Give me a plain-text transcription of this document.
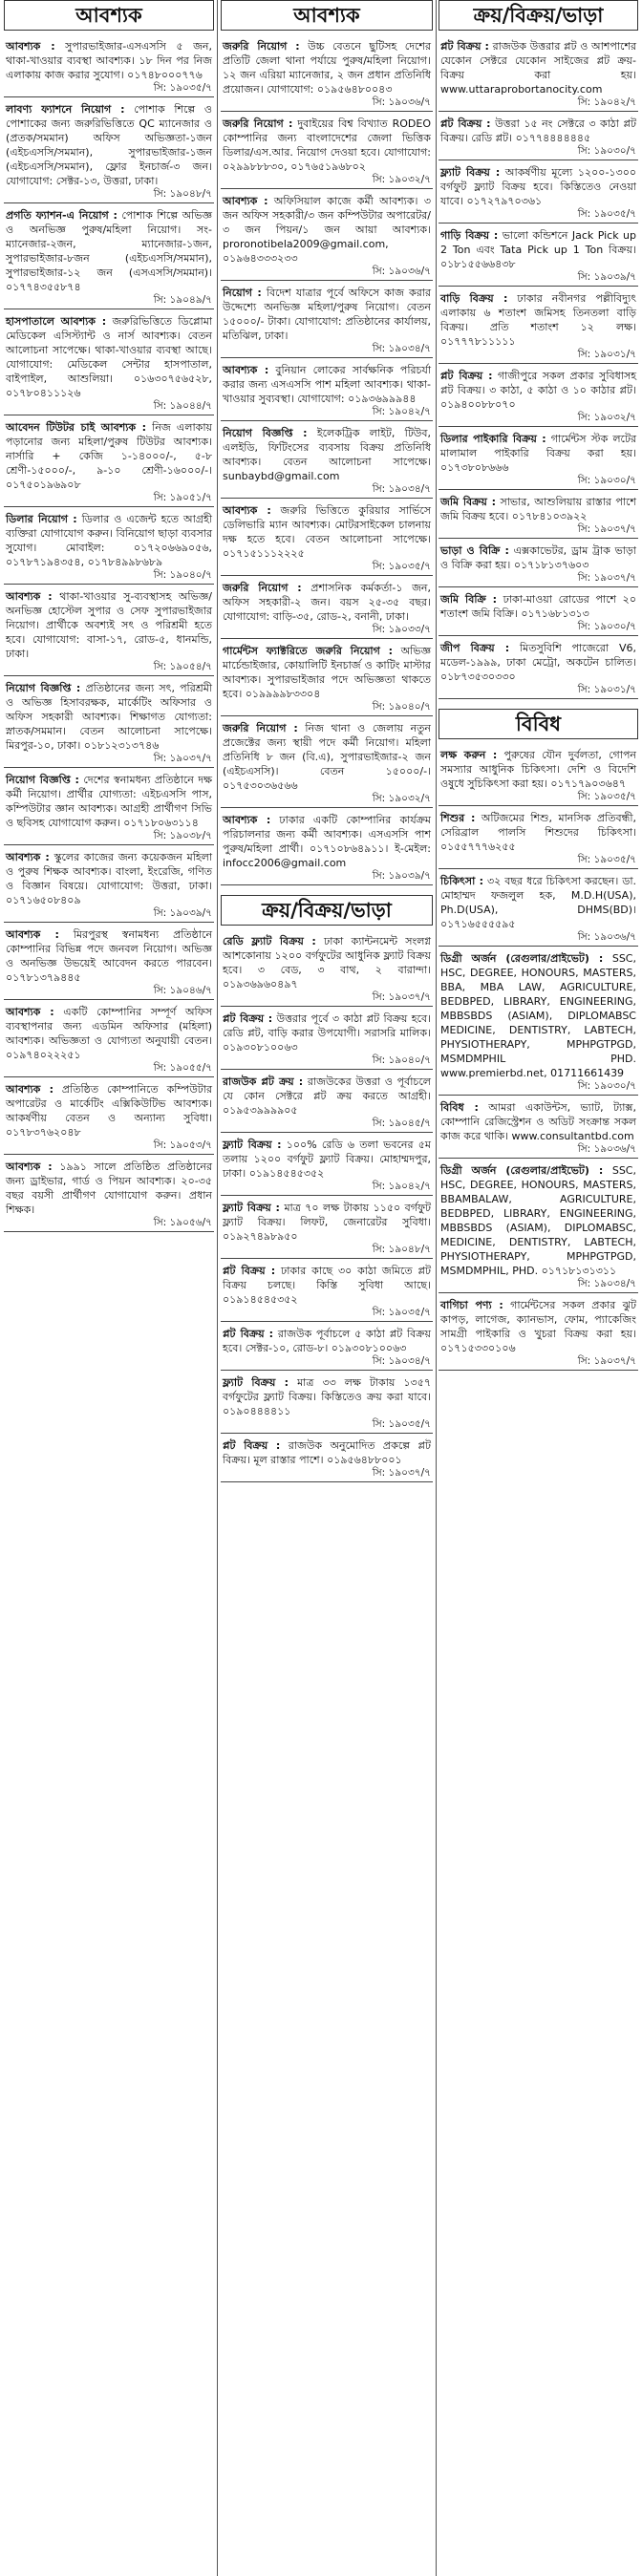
আবশ্যক
আবশ্যক : সুপারভাইজার-এসএসসি ৫ জন, থাকা-খাওয়ার ব্যবস্থা আবশ্যক। ১৮ দিন পর নিজ এলাকায় কাজ করার সুযোগ। ০১৭৪৮০০০৭৭৬
সি: ১৯০৩৫/৭
লাবণ্য ফ্যাশনে নিয়োগ : পোশাক শিল্পে ও পোশাকের জন্য জরুরিভিত্তিতে QC ম্যানেজার ও (প্রতক/সমমান) অফিস অভিজ্ঞতা-১জন (এইচএসসি/সমমান), সুপারভাইজার-১জন (এইচএসসি/সমমান), ফ্লোর ইনচার্জ-৩ জন। যোগাযোগ: সেক্টর-১৩, উত্তরা, ঢাকা।
সি: ১৯০৪৮/৭
প্রগতি ফ্যাশন-এ নিয়োগ : পোশাক শিল্পে অভিজ্ঞ ও অনভিজ্ঞ পুরুষ/মহিলা নিয়োগ। সং-ম্যানেজার-২জন, ম্যানেজার-১জন, সুপারভাইজার-৮জন (এইচএসসি/সমমান), সুপারভাইজার-১২ জন (এসএসসি/সমমান)। ০১৭৭৪৩৫৫৮৭৪
সি: ১৯০৪৯/৭
হাসপাতালে আবশ্যক : জরুরিভিত্তিতে ডিপ্লোমা মেডিকেল এসিস্ট্যান্ট ও নার্স আবশ্যক। বেতন আলোচনা সাপেক্ষে। থাকা-খাওয়ার ব্যবস্থা আছে। যোগাযোগ: মেডিকেল সেন্টার হাসপাতাল, বাইপাইল, আশুলিয়া। ০১৬৩০৭৫৬৫২৮, ০১৭৮০৪১১১২৬
সি: ১৯০৪৪/৭
আবেদন টিউটর চাই আবশ্যক : নিজ এলাকায় পড়ানোর জন্য মহিলা/পুরুষ টিউটর আবশ্যক। নার্সারি + কেজি ১-১৪০০০/-, ৫-৮ শ্রেণী-১৫০০০/-, ৯-১০ শ্রেণী-১৬০০০/-। ০১৭৫০১৯৬৯০৮
সি: ১৯০৫১/৭
ডিলার নিয়োগ : ডিলার ও এজেন্ট হতে আগ্রহী ব্যক্তিরা যোগাযোগ করুন। বিনিয়োগ ছাড়া ব্যবসার সুযোগ। মোবাইল: ০১৭২০৬৬৯০৫৬, ০১৭৮৭১৯৪৩৫৪, ০১৭৮৪৯৯৮৬৮৯
সি: ১৯০৪০/৭
আবশ্যক : থাকা-খাওয়ার সু-ব্যবস্থাসহ অভিজ্ঞ/অনভিজ্ঞ হোস্টেল সুপার ও সেফ সুপারভাইজার নিয়োগ। প্রার্থীকে অবশ্যই সৎ ও পরিশ্রমী হতে হবে। যোগাযোগ: বাসা-১৭, রোড-৫, ধানমন্ডি, ঢাকা।
সি: ১৯০৫৪/৭
নিয়োগ বিজ্ঞপ্তি : প্রতিষ্ঠানের জন্য সৎ, পরিশ্রমী ও অভিজ্ঞ হিসাবরক্ষক, মার্কেটিং অফিসার ও অফিস সহকারী আবশ্যক। শিক্ষাগত যোগ্যতা: স্নাতক/সমমান। বেতন আলোচনা সাপেক্ষে। মিরপুর-১০, ঢাকা। ০১৮১২৩১৩৭৪৬
সি: ১৯০৩৭/৭
নিয়োগ বিজ্ঞপ্তি : দেশের স্বনামধন্য প্রতিষ্ঠানে দক্ষ কর্মী নিয়োগ। প্রার্থীর যোগ্যতা: এইচএসসি পাস, কম্পিউটার জ্ঞান আবশ্যক। আগ্রহী প্রার্থীগণ সিভি ও ছবিসহ যোগাযোগ করুন। ০১৭১৮০৬৩১১৪
সি: ১৯০৩৮/৭
আবশ্যক : স্কুলের কাজের জন্য কয়েকজন মহিলা ও পুরুষ শিক্ষক আবশ্যক। বাংলা, ইংরেজি, গণিত ও বিজ্ঞান বিষয়ে। যোগাযোগ: উত্তরা, ঢাকা। ০১৭১৬৫০৮৪০৯
সি: ১৯০৩৯/৭
আবশ্যক : মিরপুরস্থ স্বনামধন্য প্রতিষ্ঠানে কোম্পানির বিভিন্ন পদে জনবল নিয়োগ। অভিজ্ঞ ও অনভিজ্ঞ উভয়েই আবেদন করতে পারবেন। ০১৭৮১৩৭৯৪৪৫
সি: ১৯০৪৬/৭
আবশ্যক : একটি কোম্পানির সম্পূর্ণ অফিস ব্যবস্থাপনার জন্য এডমিন অফিসার (মহিলা) আবশ্যক। অভিজ্ঞতা ও যোগ্যতা অনুযায়ী বেতন। ০১৯৭৪০২২২৫১
সি: ১৯০৫৫/৭
আবশ্যক : প্রতিষ্ঠিত কোম্পানিতে কম্পিউটার অপারেটর ও মার্কেটিং এক্সিকিউটিভ আবশ্যক। আকর্ষণীয় বেতন ও অন্যান্য সুবিধা। ০১৭৮৩৭৬২০৪৮
সি: ১৯০৫৩/৭
আবশ্যক : ১৯৯১ সালে প্রতিষ্ঠিত প্রতিষ্ঠানের জন্য ড্রাইভার, গার্ড ও পিয়ন আবশ্যক। ২০-৩৫ বছর বয়সী প্রার্থীগণ যোগাযোগ করুন। প্রধান শিক্ষক।
সি: ১৯০৫৬/৭
আবশ্যক
জরুরি নিয়োগ : উচ্চ বেতনে ছুটিসহ দেশের প্রতিটি জেলা থানা পর্যায়ে পুরুষ/মহিলা নিয়োগ। ১২ জন এরিয়া ম্যানেজার, ২ জন প্রধান প্রতিনিধি প্রয়োজন। যোগাযোগ: ০১৯৫৬৪৮০০৪৩
সি: ১৯০৩৬/৭
জরুরি নিয়োগ : দুবাইয়ের বিশ্ব বিখ্যাত RODEO কোম্পানির জন্য বাংলাদেশের জেলা ভিত্তিক ডিলার/এস.আর. নিয়োগ দেওয়া হবে। যোগাযোগ: ০২৯৯৮৮৮৩০, ০১৭৬৫১৯৬৮০২
সি: ১৯০৩২/৭
আবশ্যক : অফিসিয়াল কাজে কর্মী আবশ্যক। ৩ জন অফিস সহকারী/৩ জন কম্পিউটার অপারেটর/৩ জন পিয়ন/১ জন আয়া আবশ্যক। proronotibela2009@gmail.com, ০১৯৬৪৩৩৩২৩৩
সি: ১৯০৩৬/৭
নিয়োগ : বিদেশ যাত্রার পূর্বে অফিসে কাজ করার উদ্দেশ্যে অনভিজ্ঞ মহিলা/পুরুষ নিয়োগ। বেতন ১৫০০০/- টাকা। যোগাযোগ: প্রতিষ্ঠানের কার্যালয়, মতিঝিল, ঢাকা।
সি: ১৯০৩৪/৭
আবশ্যক : বুনিয়ান লোকের সার্বক্ষনিক পরিচর্যা করার জন্য এসএসসি পাশ মহিলা আবশ্যক। থাকা-খাওয়ার সুব্যবস্থা। যোগাযোগ: ০১৯৩৬৯৯৯৪৪
সি: ১৯০৪২/৭
নিয়োগ বিজ্ঞপ্তি : ইলেকট্রিক লাইট, টিউব, এলইডি, ফিটিংসের ব্যবসায় বিক্রয় প্রতিনিধি আবশ্যক। বেতন আলোচনা সাপেক্ষে। sunbaybd@gmail.com
সি: ১৯০৩৪/৭
আবশ্যক : জরুরি ভিত্তিতে কুরিয়ার সার্ভিসে ডেলিভারি ম্যান আবশ্যক। মোটরসাইকেল চালনায় দক্ষ হতে হবে। বেতন আলোচনা সাপেক্ষে। ০১৭১৫১১১২২২৫
সি: ১৯০৩৫/৭
জরুরি নিয়োগ : প্রশাসনিক কর্মকর্তা-১ জন, অফিস সহকারী-২ জন। বয়স ২৫-৩৫ বছর। যোগাযোগ: বাড়ি-৩৫, রোড-২, বনানী, ঢাকা।
সি: ১৯০৩৩/৭
গার্মেন্টস ফ্যাক্টরিতে জরুরি নিয়োগ : অভিজ্ঞ মার্চেন্ডাইজার, কোয়ালিটি ইনচার্জ ও কাটিং মাস্টার আবশ্যক। সুপারভাইজার পদে অভিজ্ঞতা থাকতে হবে। ০১৯৯৯৯৮৩৩০৪
সি: ১৯০৪০/৭
জরুরি নিয়োগ : নিজ থানা ও জেলায় নতুন প্রজেক্টের জন্য স্থায়ী পদে কর্মী নিয়োগ। মহিলা প্রতিনিধি ৮ জন (বি.এ), সুপারভাইজার-২ জন (এইচএসসি)। বেতন ১৫০০০/-। ০১৭৫৩০৩৬৫৬৬
সি: ১৯০৩২/৭
আবশ্যক : ঢাকার একটি কোম্পানির কার্যক্রম পরিচালনার জন্য কর্মী আবশ্যক। এসএসসি পাশ পুরুষ/মহিলা প্রার্থী। ০১৭১০৮৬৪৯১১। ই-মেইল: infocc2006@gmail.com
সি: ১৯০৩৯/৭
ক্রয়/বিক্রয়/ভাড়া
রেডি ফ্ল্যাট বিক্রয় : ঢাকা ক্যান্টনমেন্ট সংলগ্ন আশকোনায় ১২০০ বর্গফুটের আধুনিক ফ্ল্যাট বিক্রয় হবে। ৩ বেড, ৩ বাথ, ২ বারান্দা। ০১৯৩৬৯৬০৪৯৭
সি: ১৯০৩৭/৭
প্লট বিক্রয় : উত্তরার পূর্বে ৩ কাঠা প্লট বিক্রয় হবে। রেডি প্লট, বাড়ি করার উপযোগী। সরাসরি মালিক। ০১৯৩০৮১০০৬৩
সি: ১৯০৪০/৭
রাজউক প্লট ক্রয় : রাজউকের উত্তরা ও পূর্বাচলে যে কোন সেক্টরে প্লট ক্রয় করতে আগ্রহী। ০১৯৫৩৯৯৯৯০৫
সি: ১৯০৪৫/৭
ফ্ল্যাট বিক্রয় : ১০০% রেডি ৬ তলা ভবনের ৫ম তলায় ১২০০ বর্গফুট ফ্ল্যাট বিক্রয়। মোহাম্মদপুর, ঢাকা। ০১৯১৪৫৪৫৩৫২
সি: ১৯০৪২/৭
ফ্ল্যাট বিক্রয় : মাত্র ৭০ লক্ষ টাকায় ১১৫০ বর্গফুট ফ্ল্যাট বিক্রয়। লিফট, জেনারেটর সুবিধা। ০১৯২৭৪৯৮৯৫০
সি: ১৯০৪৮/৭
প্লট বিক্রয় : ঢাকার কাছে ৩০ কাঠা জমিতে প্লট বিক্রয় চলছে। কিস্তি সুবিধা আছে। ০১৯১৪৫৪৫৩৫২
সি: ১৯০৩৫/৭
প্লট বিক্রয় : রাজউক পূর্বাচলে ৫ কাঠা প্লট বিক্রয় হবে। সেক্টর-১০, রোড-৮। ০১৯৩০৮১০০৬৩
সি: ১৯০৩৪/৭
ফ্ল্যাট বিক্রয় : মাত্র ৩৩ লক্ষ টাকায় ১৩৫৭ বর্গফুটের ফ্ল্যাট বিক্রয়। কিস্তিতেও ক্রয় করা যাবে। ০১৯০৪৪৪৪১১
সি: ১৯০৩৫/৭
প্লট বিক্রয় : রাজউক অনুমোদিত প্রকল্পে প্লট বিক্রয়। মূল রাস্তার পাশে। ০১৯৫৬৪৮৮০০১
সি: ১৯০৩৭/৭
ক্রয়/বিক্রয়/ভাড়া
প্লট বিক্রয় : রাজউক উত্তরার প্লট ও আশপাশের যেকোন সেক্টরে যেকোন সাইজের প্লট ক্রয়-বিক্রয় করা হয়। www.uttaraprobortanocity.com
সি: ১৯০৪২/৭
প্লট বিক্রয় : উত্তরা ১৫ নং সেক্টরে ৩ কাঠা প্লট বিক্রয়। রেডি প্লট। ০১৭৭৪৪৪৪৪৪৫
সি: ১৯০৩০/৭
ফ্ল্যাট বিক্রয় : আকর্ষণীয় মূল্যে ১২০০-১৩০০ বর্গফুট ফ্ল্যাট বিক্রয় হবে। কিস্তিতেও নেওয়া যাবে। ০১৭২৭৯৭০৩৬১
সি: ১৯০৩৫/৭
গাড়ি বিক্রয় : ভালো কন্ডিশনে Jack Pick up 2 Ton এবং Tata Pick up 1 Ton বিক্রয়। ০১৮১৫৫৬৬৪৩৮
সি: ১৯০৩৯/৭
বাড়ি বিক্রয় : ঢাকার নবীনগর পল্লীবিদ্যুৎ এলাকায় ৬ শতাংশ জমিসহ তিনতলা বাড়ি বিক্রয়। প্রতি শতাংশ ১২ লক্ষ। ০১৭৭৭৮১১১১১
সি: ১৯০৩১/৭
প্লট বিক্রয় : গাজীপুরে সকল প্রকার সুবিধাসহ প্লট বিক্রয়। ৩ কাঠা, ৫ কাঠা ও ১০ কাঠার প্লট। ০১৯৪০০৮৮০৭০
সি: ১৯০৩২/৭
ডিলার পাইকারি বিক্রয় : গার্মেন্টস স্টক লটের মালামাল পাইকারি বিক্রয় করা হয়। ০১৭৩৮০৮৬৬৬
সি: ১৯০৩০/৭
জমি বিক্রয় : সাভার, আশুলিয়ায় রাস্তার পাশে জমি বিক্রয় হবে। ০১৭৮৪১০৩৯২২
সি: ১৯০৩৭/৭
ভাড়া ও বিক্রি : এক্সকাভেটর, ড্রাম ট্রাক ভাড়া ও বিক্রি করা হয়। ০১৭১৮১৩৭৬০৩
সি: ১৯০৩৭/৭
জমি বিক্রি : ঢাকা-মাওয়া রোডের পাশে ২০ শতাংশ জমি বিক্রি। ০১৭১৬৮১৩১৩
সি: ১৯০৩০/৭
জীপ বিক্রয় : মিতসুবিশি পাজেরো V6, মডেল-১৯৯৯, ঢাকা মেট্রো, অকটেন চালিত। ০১৮৭৩৫৩০৩৩০
সি: ১৯০৩১/৭
বিবিধ
লক্ষ করুন : পুরুষের যৌন দুর্বলতা, গোপন সমস্যার আধুনিক চিকিৎসা। দেশি ও বিদেশি ওষুধে সুচিকিৎসা করা হয়। ০১৭১৭৯০৩৬৪৭
সি: ১৯০৩৫/৭
শিশুর : অটিজমের শিশু, মানসিক প্রতিবন্ধী, সেরিব্রাল পালসি শিশুদের চিকিৎসা। ০১৫৫৭৭৭৬২৫৫
সি: ১৯০৩৫/৭
চিকিৎসা : ৩২ বছর ধরে চিকিৎসা করছেন। ডা. মোহাম্মদ ফজলুল হক, M.D.H(USA), Ph.D(USA), DHMS(BD)। ০১৭১৬৫৫৫৫৯৫
সি: ১৯০৩৬/৭
ডিগ্রী অর্জন (রেগুলার/প্রাইভেট) : SSC, HSC, DEGREE, HONOURS, MASTERS, BBA, MBA LAW, AGRICULTURE, BEDBPED, LIBRARY, ENGINEERING, MBBSBDS (ASIAM), DIPLOMABSC MEDICINE, DENTISTRY, LABTECH, PHYSIOTHERAPY, MPHPGTPGD, MSMDMPHIL PHD. www.premierbd.net, 01711661439
সি: ১৯০৩০/৭
বিবিধ : আমরা একাউন্টস, ভ্যাট, ট্যাক্স, কোম্পানি রেজিস্ট্রেশন ও অডিট সংক্রান্ত সকল কাজ করে থাকি। www.consultantbd.com
সি: ১৯০৩৬/৭
ডিগ্রী অর্জন (রেগুলার/প্রাইভেট) : SSC, HSC, DEGREE, HONOURS, MASTERS, BBAMBALAW, AGRICULTURE, BEDBPED, LIBRARY, ENGINEERING, MBBSBDS (ASIAM), DIPLOMABSC, MEDICINE, DENTISTRY, LABTECH, PHYSIOTHERAPY, MPHPGTPGD, MSMDMPHIL, PHD. ০১৭১৮১৩১৩১১
সি: ১৯০৩৪/৭
বাগিচা পণ্য : গার্মেন্টসের সকল প্রকার ঝুট কাপড়, লাগেজ, ক্যানভাস, ফোম, প্যাকেজিং সামগ্রী পাইকারি ও খুচরা বিক্রয় করা হয়। ০১৭১৫৩৩০১০৬
সি: ১৯০৩৭/৭
